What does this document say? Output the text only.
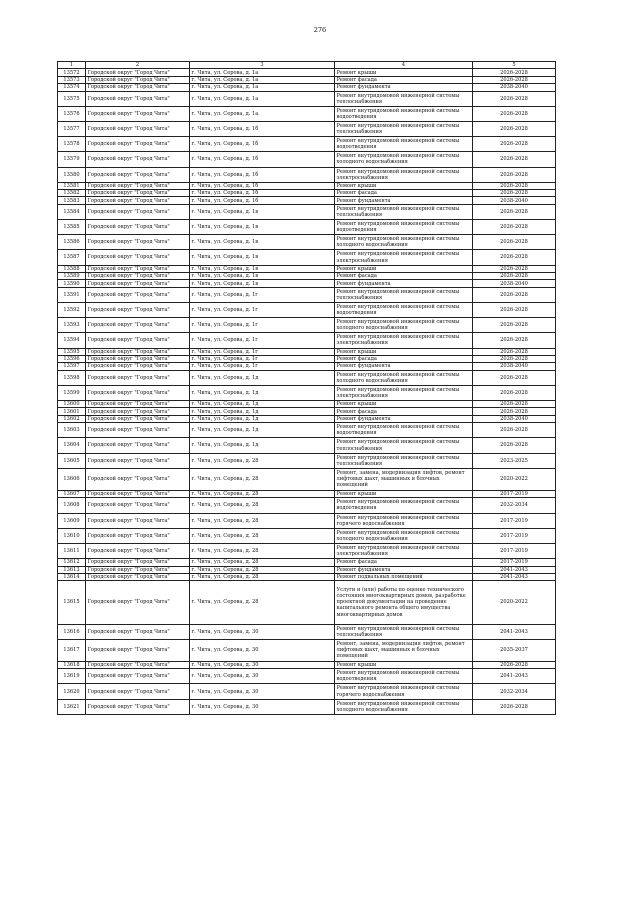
276
1	2	3	4	5
13572	Городской округ "Город Чита"	г. Чита, ул. Серова, д. 1а	Ремонт крыши	2026-2028
13573	Городской округ "Город Чита"	г. Чита, ул. Серова, д. 1а	Ремонт фасада	2026-2028
13574	Городской округ "Город Чита"	г. Чита, ул. Серова, д. 1а	Ремонт фундамента	2038-2040
13575	Городской округ "Город Чита"	г. Чита, ул. Серова, д. 1а	Ремонт внутридомовой инженерной системы теплоснабжения	2026-2028
13576	Городской округ "Город Чита"	г. Чита, ул. Серова, д. 1а	Ремонт внутридомовой инженерной системы водоотведения	2026-2028
13577	Городской округ "Город Чита"	г. Чита, ул. Серова, д. 1б	Ремонт внутридомовой инженерной системы теплоснабжения	2026-2028
13578	Городской округ "Город Чита"	г. Чита, ул. Серова, д. 1б	Ремонт внутридомовой инженерной системы водоотведения	2026-2028
13579	Городской округ "Город Чита"	г. Чита, ул. Серова, д. 1б	Ремонт внутридомовой инженерной системы холодного водоснабжения	2026-2028
13580	Городской округ "Город Чита"	г. Чита, ул. Серова, д. 1б	Ремонт внутридомовой инженерной системы электроснабжения	2026-2028
13581	Городской округ "Город Чита"	г. Чита, ул. Серова, д. 1б	Ремонт крыши	2026-2028
13582	Городской округ "Город Чита"	г. Чита, ул. Серова, д. 1б	Ремонт фасада	2026-2028
13583	Городской округ "Город Чита"	г. Чита, ул. Серова, д. 1б	Ремонт фундамента	2038-2040
13584	Городской округ "Город Чита"	г. Чита, ул. Серова, д. 1в	Ремонт внутридомовой инженерной системы теплоснабжения	2026-2028
13585	Городской округ "Город Чита"	г. Чита, ул. Серова, д. 1в	Ремонт внутридомовой инженерной системы водоотведения	2026-2028
13586	Городской округ "Город Чита"	г. Чита, ул. Серова, д. 1в	Ремонт внутридомовой инженерной системы холодного водоснабжения	2026-2028
13587	Городской округ "Город Чита"	г. Чита, ул. Серова, д. 1в	Ремонт внутридомовой инженерной системы электроснабжения	2026-2028
13588	Городской округ "Город Чита"	г. Чита, ул. Серова, д. 1в	Ремонт крыши	2026-2028
13589	Городской округ "Город Чита"	г. Чита, ул. Серова, д. 1в	Ремонт фасада	2026-2028
13590	Городской округ "Город Чита"	г. Чита, ул. Серова, д. 1в	Ремонт фундамента	2038-2040
13591	Городской округ "Город Чита"	г. Чита, ул. Серова, д. 1г	Ремонт внутридомовой инженерной системы теплоснабжения	2026-2028
13592	Городской округ "Город Чита"	г. Чита, ул. Серова, д. 1г	Ремонт внутридомовой инженерной системы водоотведения	2026-2028
13593	Городской округ "Город Чита"	г. Чита, ул. Серова, д. 1г	Ремонт внутридомовой инженерной системы холодного водоснабжения	2026-2028
13594	Городской округ "Город Чита"	г. Чита, ул. Серова, д. 1г	Ремонт внутридомовой инженерной системы электроснабжения	2026-2028
13595	Городской округ "Город Чита"	г. Чита, ул. Серова, д. 1г	Ремонт крыши	2026-2028
13596	Городской округ "Город Чита"	г. Чита, ул. Серова, д. 1г	Ремонт фасада	2026-2028
13597	Городской округ "Город Чита"	г. Чита, ул. Серова, д. 1г	Ремонт фундамента	2038-2040
13598	Городской округ "Город Чита"	г. Чита, ул. Серова, д. 1д	Ремонт внутридомовой инженерной системы холодного водоснабжения	2026-2028
13599	Городской округ "Город Чита"	г. Чита, ул. Серова, д. 1д	Ремонт внутридомовой инженерной системы электроснабжения	2026-2028
13600	Городской округ "Город Чита"	г. Чита, ул. Серова, д. 1д	Ремонт крыши	2026-2028
13601	Городской округ "Город Чита"	г. Чита, ул. Серова, д. 1д	Ремонт фасада	2026-2028
13602	Городской округ "Город Чита"	г. Чита, ул. Серова, д. 1д	Ремонт фундамента	2038-2040
13603	Городской округ "Город Чита"	г. Чита, ул. Серова, д. 1д	Ремонт внутридомовой инженерной системы водоотведения	2026-2028
13604	Городской округ "Город Чита"	г. Чита, ул. Серова, д. 1д	Ремонт внутридомовой инженерной системы теплоснабжения	2026-2028
13605	Городской округ "Город Чита"	г. Чита, ул. Серова, д. 28	Ремонт внутридомовой инженерной системы теплоснабжения	2023-2025
13606	Городской округ "Город Чита"	г. Чита, ул. Серова, д. 28	Ремонт, замена, модернизация лифтов, ремонт лифтовых шахт, машинных и блочных помещений	2020-2022
13607	Городской округ "Город Чита"	г. Чита, ул. Серова, д. 28	Ремонт крыши	2017-2019
13608	Городской округ "Город Чита"	г. Чита, ул. Серова, д. 28	Ремонт внутридомовой инженерной системы водоотведения	2032-2034
13609	Городской округ "Город Чита"	г. Чита, ул. Серова, д. 28	Ремонт внутридомовой инженерной системы горячего водоснабжения	2017-2019
13610	Городской округ "Город Чита"	г. Чита, ул. Серова, д. 28	Ремонт внутридомовой инженерной системы холодного водоснабжения	2017-2019
13611	Городской округ "Город Чита"	г. Чита, ул. Серова, д. 28	Ремонт внутридомовой инженерной системы электроснабжения	2017-2019
13612	Городской округ "Город Чита"	г. Чита, ул. Серова, д. 28	Ремонт фасада	2017-2019
13613	Городской округ "Город Чита"	г. Чита, ул. Серова, д. 28	Ремонт фундамента	2041-2043
13614	Городской округ "Город Чита"	г. Чита, ул. Серова, д. 28	Ремонт подвальных помещений	2041-2043
13615	Городской округ "Город Чита"	г. Чита, ул. Серова, д. 28	Услуги и (или) работы по оценке технического состояния многоквартирных домов, разработке проектной документации на проведение капитального ремонта общего имущества многоквартирных домов	2020-2022
13616	Городской округ "Город Чита"	г. Чита, ул. Серова, д. 30	Ремонт внутридомовой инженерной системы теплоснабжения	2041-2043
13617	Городской округ "Город Чита"	г. Чита, ул. Серова, д. 30	Ремонт, замена, модернизация лифтов, ремонт лифтовых шахт, машинных и блочных помещений	2035-2037
13618	Городской округ "Город Чита"	г. Чита, ул. Серова, д. 30	Ремонт крыши	2026-2028
13619	Городской округ "Город Чита"	г. Чита, ул. Серова, д. 30	Ремонт внутридомовой инженерной системы водоотведения	2041-2043
13620	Городской округ "Город Чита"	г. Чита, ул. Серова, д. 30	Ремонт внутридомовой инженерной системы горячего водоснабжения	2032-2034
13621	Городской округ "Город Чита"	г. Чита, ул. Серова, д. 30	Ремонт внутридомовой инженерной системы холодного водоснабжения	2026-2028
